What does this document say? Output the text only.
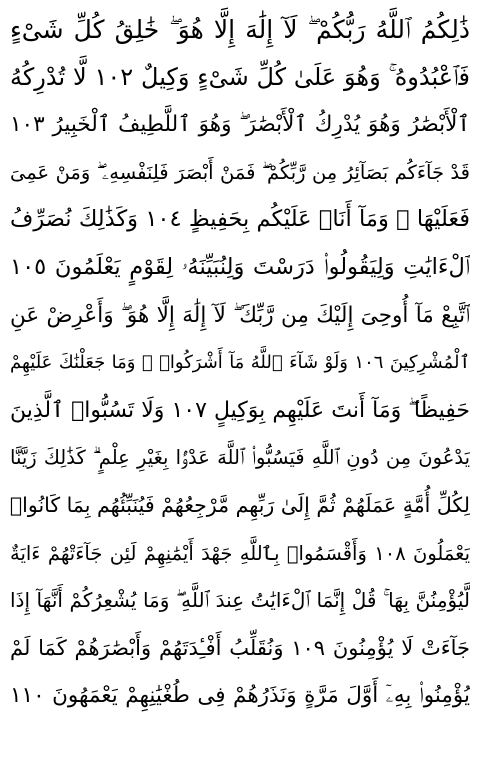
ذَٰلِكُمُ ٱللَّهُ رَبُّكُمْ ۖ لَآ إِلَٰهَ إِلَّا هُوَ ۖ خَٰلِقُ كُلِّ شَىْءٍ
فَٱعْبُدُوهُ ۚ وَهُوَ عَلَىٰ كُلِّ شَىْءٍ وَكِيلٌ ١٠٢ لَّا تُدْرِكُهُ
ٱلْأَبْصَٰرُ وَهُوَ يُدْرِكُ ٱلْأَبْصَٰرَ ۖ وَهُوَ ٱللَّطِيفُ ٱلْخَبِيرُ ١٠٣
قَدْ جَآءَكُم بَصَآئِرُ مِن رَّبِّكُمْ ۖ فَمَنْ أَبْصَرَ فَلِنَفْسِهِۦ ۖ وَمَنْ عَمِىَ
فَعَلَيْهَا ۚ وَمَآ أَنَا۠ عَلَيْكُم بِحَفِيظٍ ١٠٤ وَكَذَٰلِكَ نُصَرِّفُ
ٱلْءَايَٰتِ وَلِيَقُولُوا۟ دَرَسْتَ وَلِنُبَيِّنَهُۥ لِقَوْمٍ يَعْلَمُونَ ١٠٥
ٱتَّبِعْ مَآ أُوحِىَ إِلَيْكَ مِن رَّبِّكَ ۖ لَآ إِلَٰهَ إِلَّا هُوَ ۖ وَأَعْرِضْ عَنِ
ٱلْمُشْرِكِينَ ١٠٦ وَلَوْ شَآءَ ٱللَّهُ مَآ أَشْرَكُوا۟ ۗ وَمَا جَعَلْنَٰكَ عَلَيْهِمْ
حَفِيظًا ۖ وَمَآ أَنتَ عَلَيْهِم بِوَكِيلٍ ١٠٧ وَلَا تَسُبُّوا۟ ٱلَّذِينَ
يَدْعُونَ مِن دُونِ ٱللَّهِ فَيَسُبُّوا۟ ٱللَّهَ عَدْوًۢا بِغَيْرِ عِلْمٍ ۗ كَذَٰلِكَ زَيَّنَّا
لِكُلِّ أُمَّةٍ عَمَلَهُمْ ثُمَّ إِلَىٰ رَبِّهِم مَّرْجِعُهُمْ فَيُنَبِّئُهُم بِمَا كَانُوا۟
يَعْمَلُونَ ١٠٨ وَأَقْسَمُوا۟ بِٱللَّهِ جَهْدَ أَيْمَٰنِهِمْ لَئِن جَآءَتْهُمْ ءَايَةٌ
لَّيُؤْمِنُنَّ بِهَا ۚ قُلْ إِنَّمَا ٱلْءَايَٰتُ عِندَ ٱللَّهِ ۖ وَمَا يُشْعِرُكُمْ أَنَّهَآ إِذَا
جَآءَتْ لَا يُؤْمِنُونَ ١٠٩ وَنُقَلِّبُ أَفْـِٔدَتَهُمْ وَأَبْصَٰرَهُمْ كَمَا لَمْ
يُؤْمِنُوا۟ بِهِۦٓ أَوَّلَ مَرَّةٍ وَنَذَرُهُمْ فِى طُغْيَٰنِهِمْ يَعْمَهُونَ ١١٠
